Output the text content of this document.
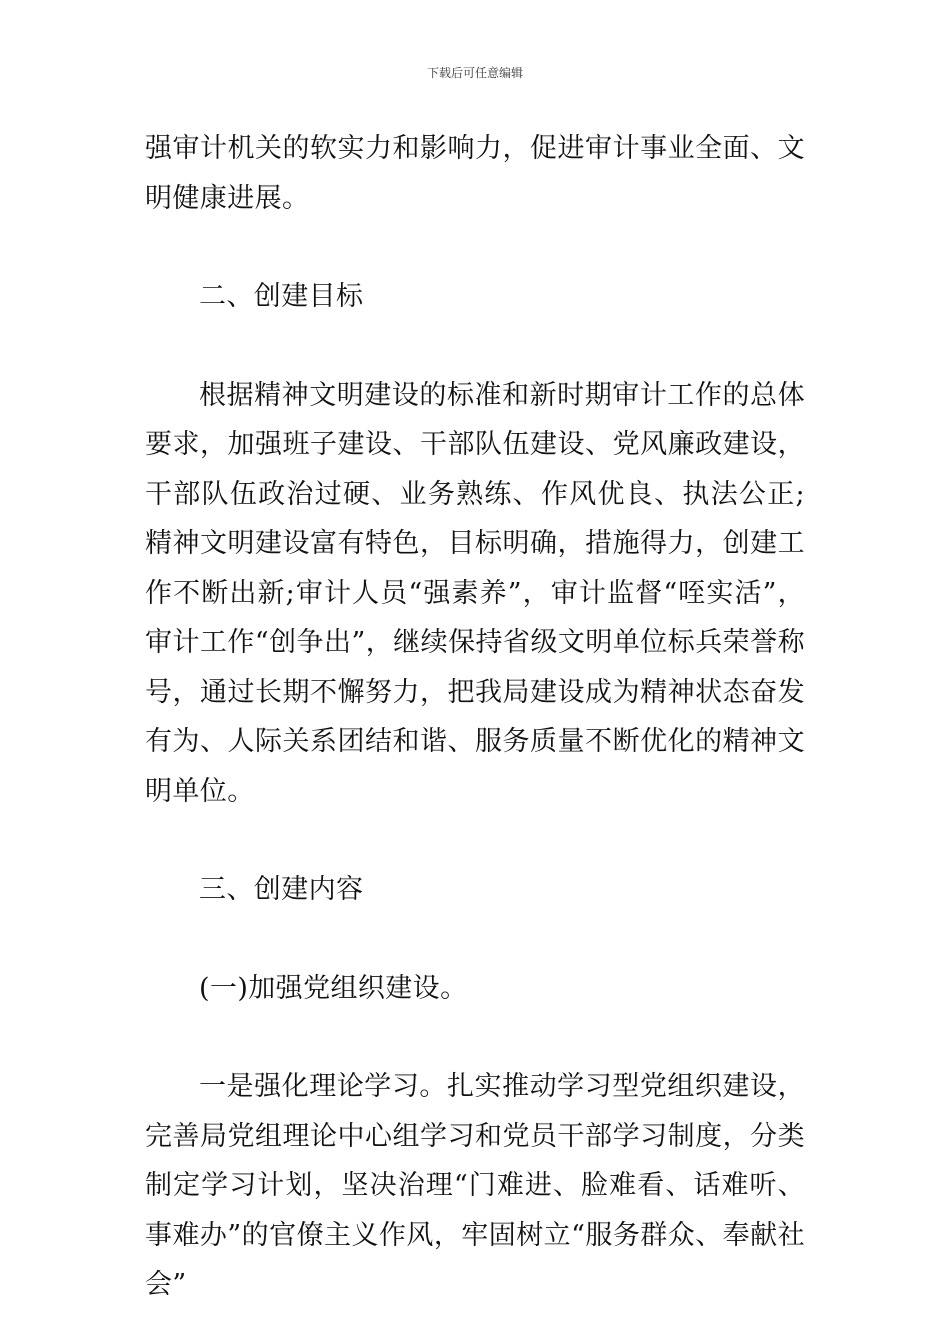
下载后可任意编辑

强审计机关的软实力和影响力，促进审计事业全面、文明健康进展。

二、创建目标

根据精神文明建设的标准和新时期审计工作的总体要求，加强班子建设、干部队伍建设、党风廉政建设，干部队伍政治过硬、业务熟练、作风优良、执法公正;精神文明建设富有特色，目标明确，措施得力，创建工作不断出新;审计人员“强素养”，审计监督“咥实活”，审计工作“创争出”，继续保持省级文明单位标兵荣誉称号，通过长期不懈努力，把我局建设成为精神状态奋发有为、人际关系团结和谐、服务质量不断优化的精神文明单位。

三、创建内容

(一)加强党组织建设。

一是强化理论学习。扎实推动学习型党组织建设，完善局党组理论中心组学习和党员干部学习制度，分类制定学习计划，坚决治理“门难进、脸难看、话难听、事难办”的官僚主义作风，牢固树立“服务群众、奉献社会”
